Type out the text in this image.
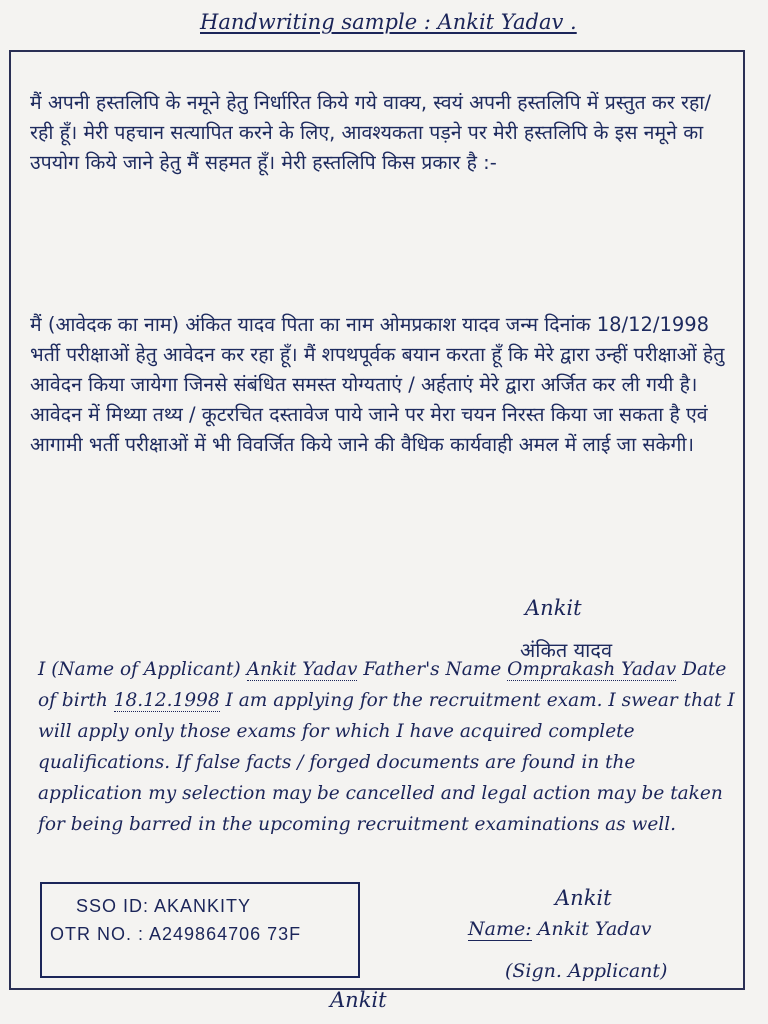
Handwriting sample : Ankit Yadav .
मैं अपनी हस्तलिपि के नमूने हेतु निर्धारित किये गये वाक्य, स्वयं अपनी हस्तलिपि में प्रस्तुत कर रहा/रही हूँ। मेरी पहचान सत्यापित करने के लिए, आवश्यकता पड़ने पर मेरी हस्तलिपि के इस नमूने का उपयोग किये जाने हेतु मैं सहमत हूँ। मेरी हस्तलिपि किस प्रकार है :-
मैं (आवेदक का नाम) अंकित यादव पिता का नाम ओमप्रकाश यादव जन्म दिनांक 18/12/1998 भर्ती परीक्षाओं हेतु आवेदन कर रहा हूँ। मैं शपथपूर्वक बयान करता हूँ कि मेरे द्वारा उन्हीं परीक्षाओं हेतु आवेदन किया जायेगा जिनसे संबंधित समस्त योग्यताएं / अर्हताएं मेरे द्वारा अर्जित कर ली गयी है। आवेदन में मिथ्या तथ्य / कूटरचित दस्तावेज पाये जाने पर मेरा चयन निरस्त किया जा सकता है एवं आगामी भर्ती परीक्षाओं में भी विवर्जित किये जाने की वैधिक कार्यवाही अमल में लाई जा सकेगी।
Ankit
अंकित यादव
I (Name of Applicant) Ankit Yadav Father's Name Omprakash Yadav Date of birth 18.12.1998 I am applying for the recruitment exam. I swear that I will apply only those exams for which I have acquired complete qualifications. If false facts / forged documents are found in the application my selection may be cancelled and legal action may be taken for being barred in the upcoming recruitment examinations as well.
Ankit
SSO ID: AKANKITY
OTR NO. : A249864706 73F	Name: Ankit Yadav
(Sign. Applicant)
Ankit
